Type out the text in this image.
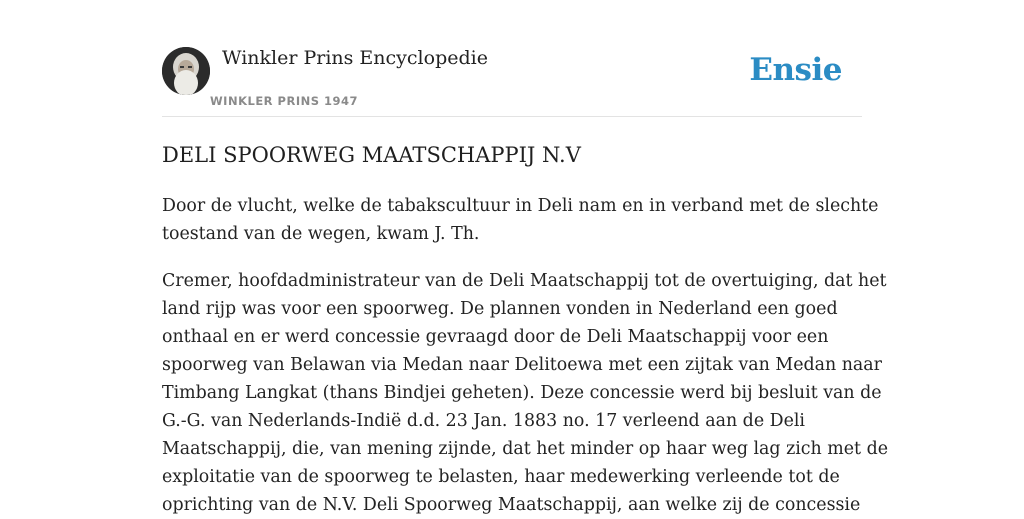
Winkler Prins Encyclopedie
WINKLER PRINS 1947
Ensie
DELI SPOORWEG MAATSCHAPPIJ N.V

Door de vlucht, welke de tabakscultuur in Deli nam en in verband met de slechte
toestand van de wegen, kwam J. Th.

Cremer, hoofdadministrateur van de Deli Maatschappij tot de overtuiging, dat het
land rijp was voor een spoorweg. De plannen vonden in Nederland een goed
onthaal en er werd concessie gevraagd door de Deli Maatschappij voor een
spoorweg van Belawan via Medan naar Delitoewa met een zijtak van Medan naar
Timbang Langkat (thans Bindjei geheten). Deze concessie werd bij besluit van de
G.-G. van Nederlands-Indië d.d. 23 Jan. 1883 no. 17 verleend aan de Deli
Maatschappij, die, van mening zijnde, dat het minder op haar weg lag zich met de
exploitatie van de spoorweg te belasten, haar medewerking verleende tot de
oprichting van de N.V. Deli Spoorweg Maatschappij, aan welke zij de concessie
